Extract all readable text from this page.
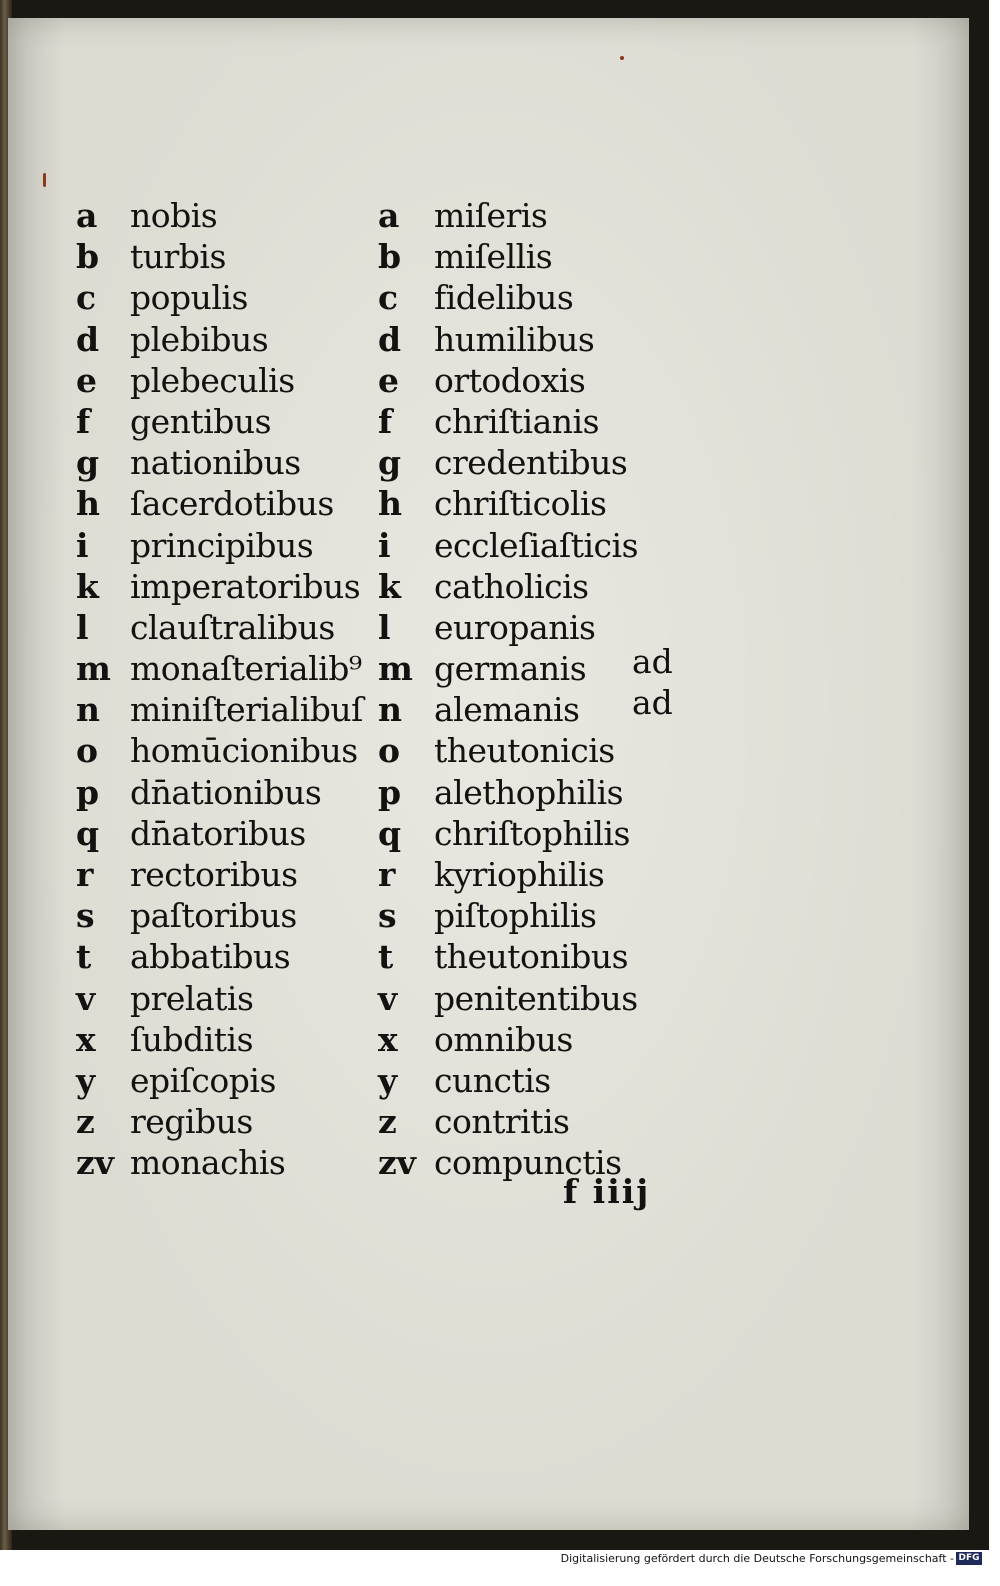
a nobis
b turbis
c populis
d plebibus
e plebeculis
f gentibus
g nationibus
h ſacerdotibus
i principibus
k imperatoribus
l clauſtralibus
m monaſterialib⁹
n miniſterialibuſ
o homūcionibus
p dn̄ationibus
q dn̄atoribus
r rectoribus
s paſtoribus
t abbatibus
v prelatis
x ſubditis
y epiſcopis
z regibus
zv monachis
a miſeris
b miſellis
c fidelibus
d humilibus
e ortodoxis
f chriſtianis
g credentibus
h chriſticolis
i eccleſiaſticis
k catholicis
l europanis
m germanis
n alemanis
o theutonicis
p alethophilis
q chriſtophilis
r kyriophilis
s piſtophilis
t theutonibus
v penitentibus
x omnibus
y cunctis
z contritis
zv compunctis
ad
ad
f iiij
Digitalisierung gefördert durch die Deutsche Forschungsgemeinschaft - DFG
